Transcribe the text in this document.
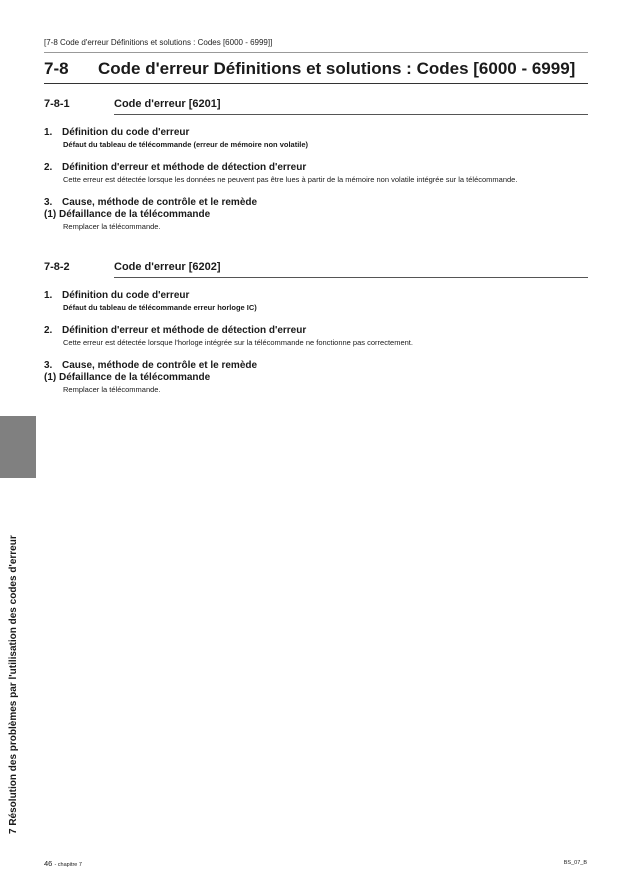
[7-8 Code d'erreur Définitions et solutions : Codes [6000 - 6999]]
7-8 Code d'erreur Définitions et solutions : Codes [6000 - 6999]
7-8-1	Code d'erreur [6201]
1. Définition du code d'erreur
Défaut du tableau de télécommande (erreur de mémoire non volatile)
2. Définition d'erreur et méthode de détection d'erreur
Cette erreur est détectée lorsque les données ne peuvent pas être lues à partir de la mémoire non volatile intégrée sur la télécommande.
3. Cause, méthode de contrôle et le remède
(1) Défaillance de la télécommande
Remplacer la télécommande.
7-8-2	Code d'erreur [6202]
1. Définition du code d'erreur
Défaut du tableau de télécommande erreur horloge IC)
2. Définition d'erreur et méthode de détection d'erreur
Cette erreur est détectée lorsque l'horloge intégrée sur la télécommande ne fonctionne pas correctement.
3. Cause, méthode de contrôle et le remède
(1) Défaillance de la télécommande
Remplacer la télécommande.
7 Résolution des problèmes par l'utilisation des codes d'erreur
46 - chapitre 7	BS_07_B
